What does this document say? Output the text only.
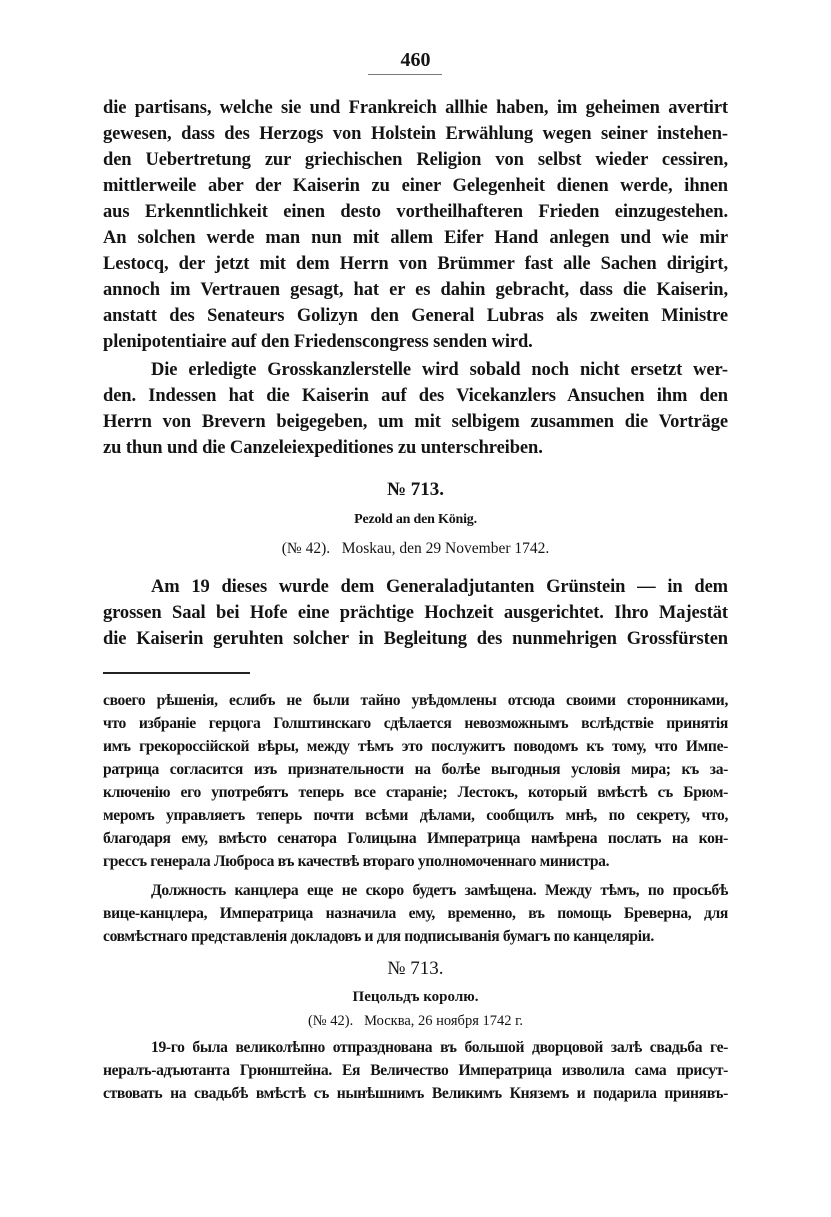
460
die partisans, welche sie und Frankreich allhie haben, im geheimen avertirt
gewesen, dass des Herzogs von Holstein Erwählung wegen seiner instehen-
den Uebertretung zur griechischen Religion von selbst wieder cessiren,
mittlerweile aber der Kaiserin zu einer Gelegenheit dienen werde, ihnen
aus Erkenntlichkeit einen desto vortheilhafteren Frieden einzugestehen.
An solchen werde man nun mit allem Eifer Hand anlegen und wie mir
Lestocq, der jetzt mit dem Herrn von Brümmer fast alle Sachen dirigirt,
annoch im Vertrauen gesagt, hat er es dahin gebracht, dass die Kaiserin,
anstatt des Senateurs Golizyn den General Lubras als zweiten Ministre
plenipotentiaire auf den Friedenscongress senden wird.
Die erledigte Grosskanzlerstelle wird sobald noch nicht ersetzt wer-
den. Indessen hat die Kaiserin auf des Vicekanzlers Ansuchen ihm den
Herrn von Brevern beigegeben, um mit selbigem zusammen die Vorträge
zu thun und die Canzeleiexpeditiones zu unterschreiben.
№ 713.
Pezold an den König.
(№ 42).   Moskau, den 29 November 1742.
Am 19 dieses wurde dem Generaladjutanten Grünstein — in dem
grossen Saal bei Hofe eine prächtige Hochzeit ausgerichtet. Ihro Majestät
die Kaiserin geruhten solcher in Begleitung des nunmehrigen Grossfürsten
своего рѣшенія, еслибъ не были тайно увѣдомлены отсюда своими сторонниками,
что избраніе герцога Голштинскаго сдѣлается невозможнымъ вслѣдствіе принятія
имъ грекороссійской вѣры, между тѣмъ это послужитъ поводомъ къ тому, что Импе-
ратрица согласится изъ признательности на болѣе выгодныя условія мира; къ за-
ключенію его употребятъ теперь все стараніе; Лестокъ, который вмѣстѣ съ Брюм-
меромъ управляетъ теперь почти всѣми дѣлами, сообщилъ мнѣ, по секрету, что,
благодаря ему, вмѣсто сенатора Голицына Императрица намѣрена послать на кон-
грессъ генерала Люброса въ качествѣ втораго уполномоченнаго министра.
Должность канцлера еще не скоро будетъ замѣщена. Между тѣмъ, по просьбѣ
вице-канцлера, Императрица назначила ему, временно, въ помощь Бреверна, для
совмѣстнаго представленія докладовъ и для подписыванія бумагъ по канцеляріи.
№ 713.
Пецольдъ королю.
(№ 42).   Москва, 26 ноября 1742 г.
19-го была великолѣпно отпразднована въ большой дворцовой залѣ свадьба ге-
нералъ-адъютанта Грюнштейна. Ея Величество Императрица изволила сама присут-
ствовать на свадьбѣ вмѣстѣ съ нынѣшнимъ Великимъ Княземъ и подарила принявъ-
